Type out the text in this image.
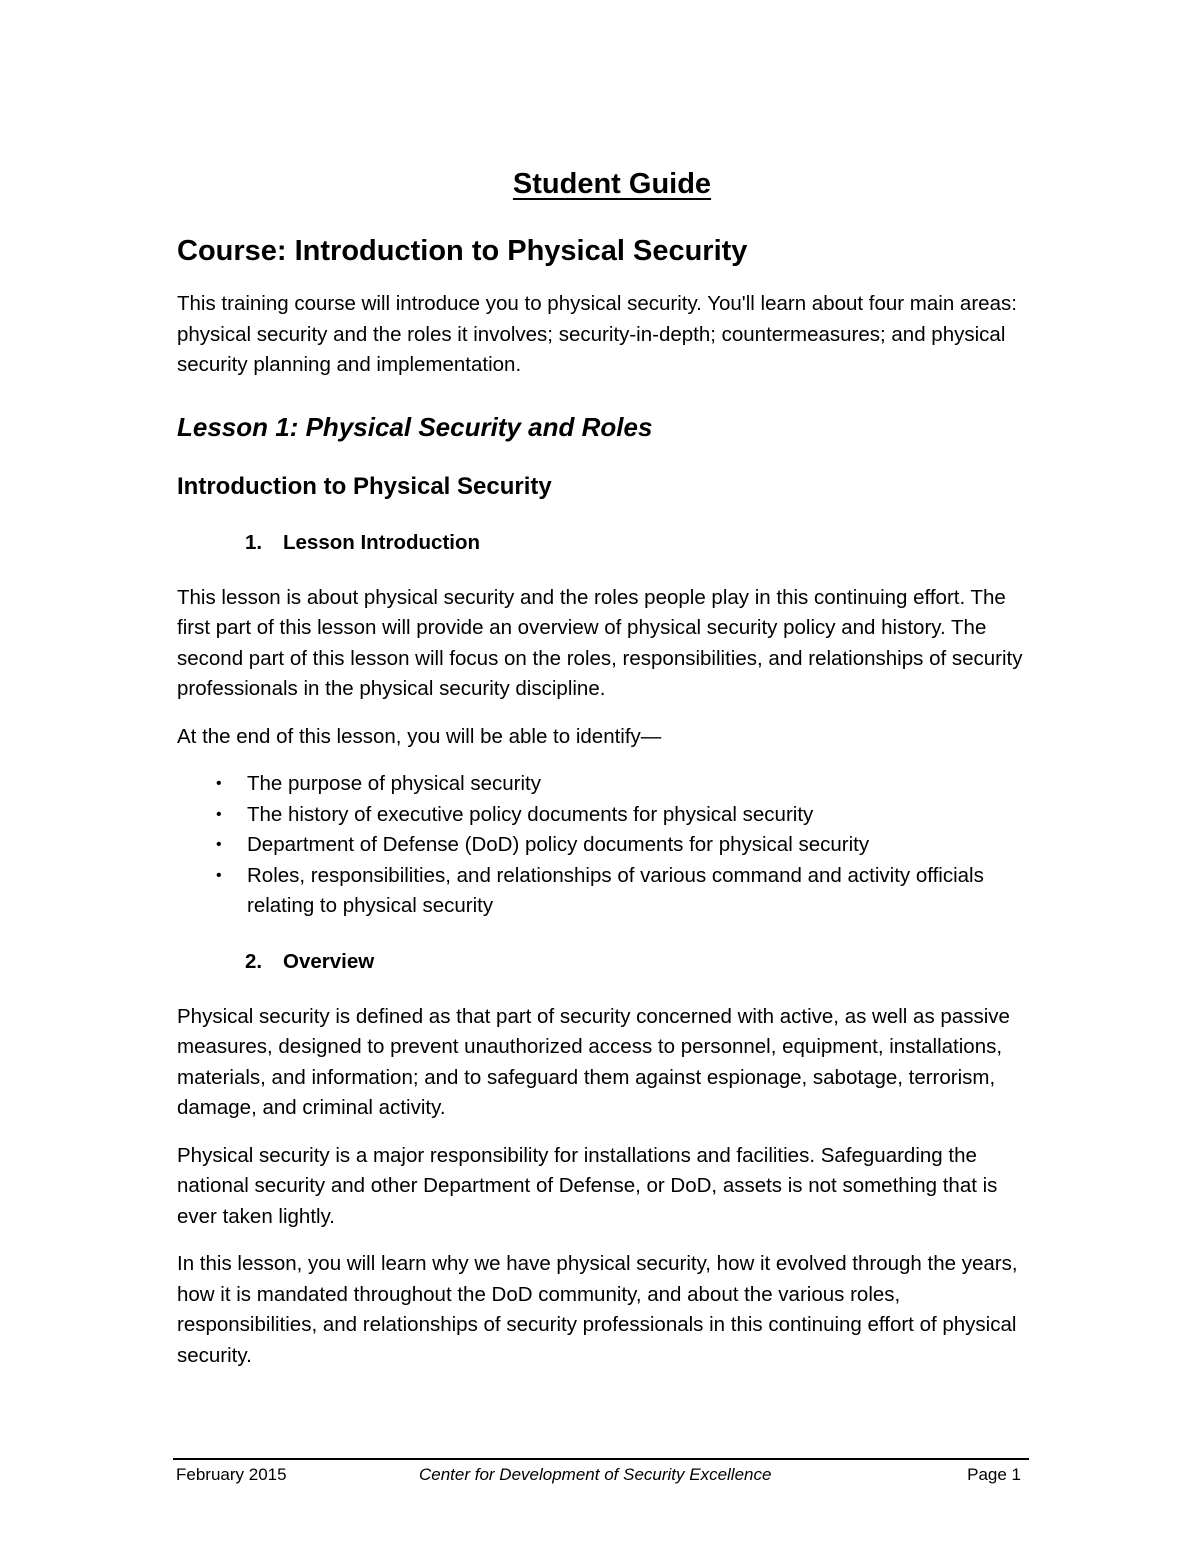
Student Guide
Course: Introduction to Physical Security

This training course will introduce you to physical security. You'll learn about four main areas: physical security and the roles it involves; security-in-depth; countermeasures; and physical security planning and implementation.

Lesson 1: Physical Security and Roles
Introduction to Physical Security
1. Lesson Introduction

This lesson is about physical security and the roles people play in this continuing effort. The first part of this lesson will provide an overview of physical security policy and history. The second part of this lesson will focus on the roles, responsibilities, and relationships of security professionals in the physical security discipline.

At the end of this lesson, you will be able to identify—

• The purpose of physical security
• The history of executive policy documents for physical security
• Department of Defense (DoD) policy documents for physical security
• Roles, responsibilities, and relationships of various command and activity officials relating to physical security
2. Overview

Physical security is defined as that part of security concerned with active, as well as passive measures, designed to prevent unauthorized access to personnel, equipment, installations, materials, and information; and to safeguard them against espionage, sabotage, terrorism, damage, and criminal activity.

Physical security is a major responsibility for installations and facilities. Safeguarding the national security and other Department of Defense, or DoD, assets is not something that is ever taken lightly.

In this lesson, you will learn why we have physical security, how it evolved through the years, how it is mandated throughout the DoD community, and about the various roles, responsibilities, and relationships of security professionals in this continuing effort of physical security.

February 2015	Center for Development of Security Excellence	Page 1
